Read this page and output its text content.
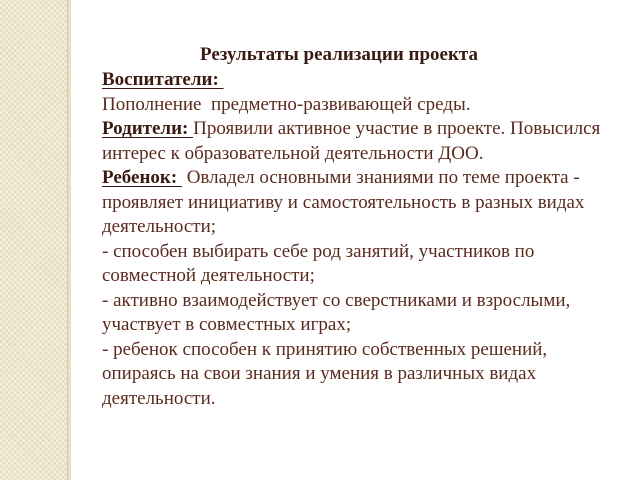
Результаты реализации проекта

Воспитатели:
Пополнение  предметно-развивающей среды.

Родители: Проявили активное участие в проекте. Повысился интерес к образовательной деятельности ДОО.

Ребенок:  Овладел основными знаниями по теме проекта - проявляет инициативу и самостоятельность в разных видах деятельности;

- способен выбирать себе род занятий, участников по совместной деятельности;

- активно взаимодействует со сверстниками и взрослыми, участвует в совместных играх;

- ребенок способен к принятию собственных решений, опираясь на свои знания и умения в различных видах деятельности.
